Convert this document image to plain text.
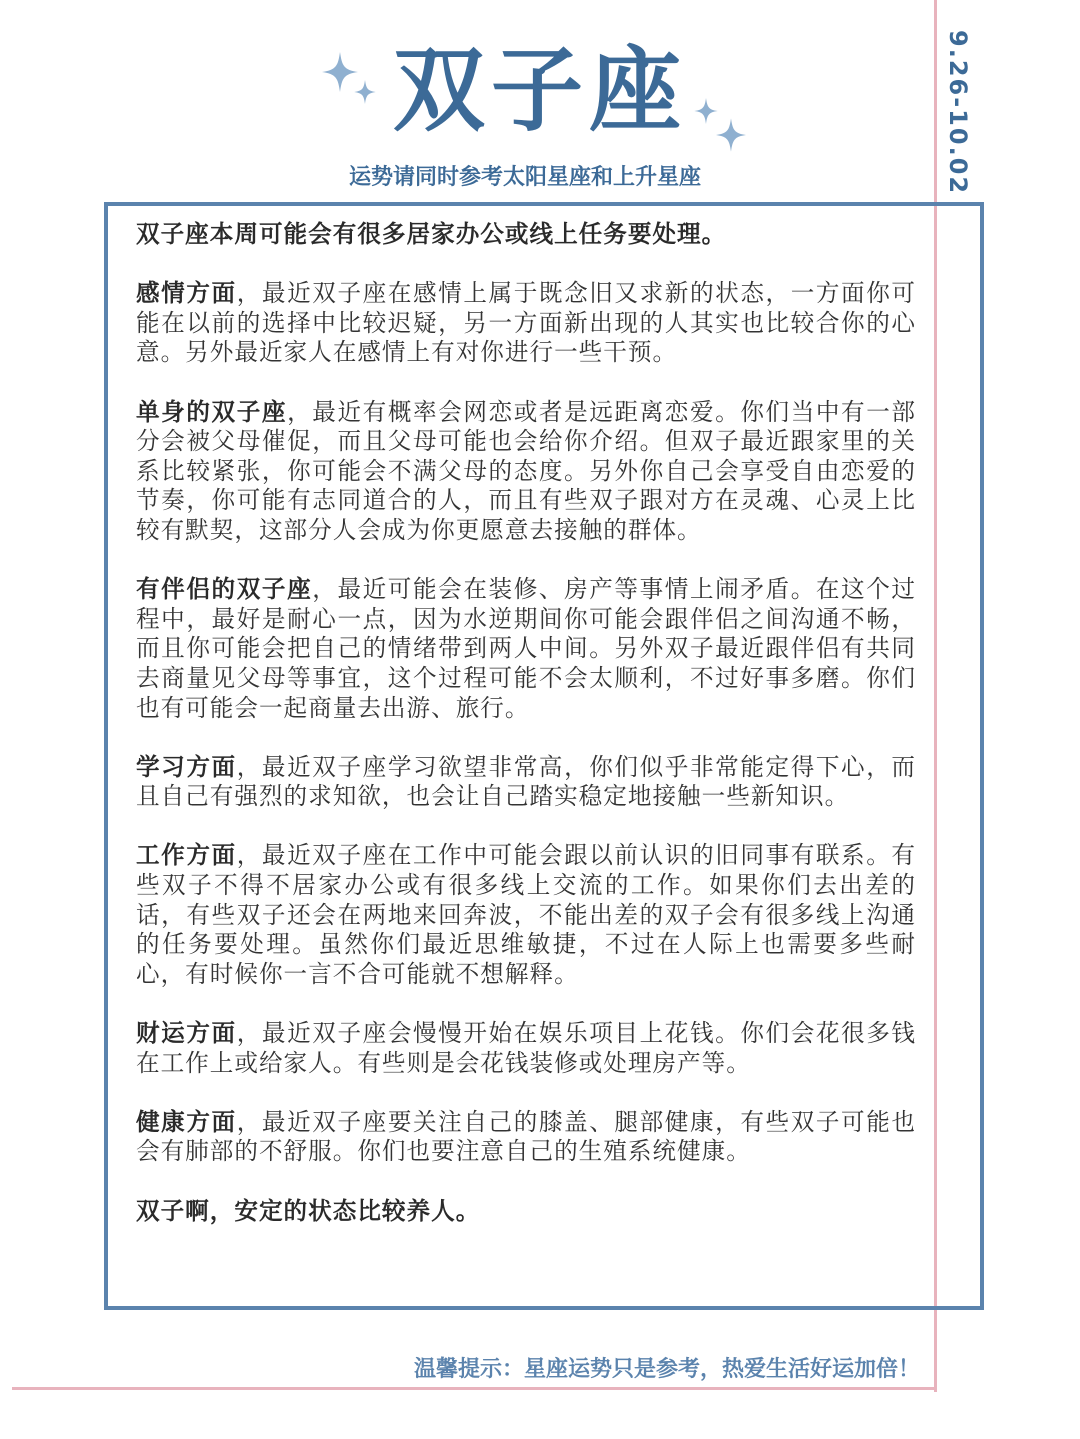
9.26-10.02
双子座
运势请同时参考太阳星座和上升星座

双子座本周可能会有很多居家办公或线上任务要处理。

感情方面，最近双子座在感情上属于既念旧又求新的状态，一方面你可能在以前的选择中比较迟疑，另一方面新出现的人其实也比较合你的心意。另外最近家人在感情上有对你进行一些干预。

单身的双子座，最近有概率会网恋或者是远距离恋爱。你们当中有一部分会被父母催促，而且父母可能也会给你介绍。但双子最近跟家里的关系比较紧张，你可能会不满父母的态度。另外你自己会享受自由恋爱的节奏，你可能有志同道合的人，而且有些双子跟对方在灵魂、心灵上比较有默契，这部分人会成为你更愿意去接触的群体。

有伴侣的双子座，最近可能会在装修、房产等事情上闹矛盾。在这个过程中，最好是耐心一点，因为水逆期间你可能会跟伴侣之间沟通不畅，而且你可能会把自己的情绪带到两人中间。另外双子最近跟伴侣有共同去商量见父母等事宜，这个过程可能不会太顺利，不过好事多磨。你们也有可能会一起商量去出游、旅行。

学习方面，最近双子座学习欲望非常高，你们似乎非常能定得下心，而且自己有强烈的求知欲，也会让自己踏实稳定地接触一些新知识。

工作方面，最近双子座在工作中可能会跟以前认识的旧同事有联系。有些双子不得不居家办公或有很多线上交流的工作。如果你们去出差的话，有些双子还会在两地来回奔波，不能出差的双子会有很多线上沟通的任务要处理。虽然你们最近思维敏捷，不过在人际上也需要多些耐心，有时候你一言不合可能就不想解释。

财运方面，最近双子座会慢慢开始在娱乐项目上花钱。你们会花很多钱在工作上或给家人。有些则是会花钱装修或处理房产等。

健康方面，最近双子座要关注自己的膝盖、腿部健康，有些双子可能也会有肺部的不舒服。你们也要注意自己的生殖系统健康。

双子啊，安定的状态比较养人。

温馨提示：星座运势只是参考，热爱生活好运加倍！
